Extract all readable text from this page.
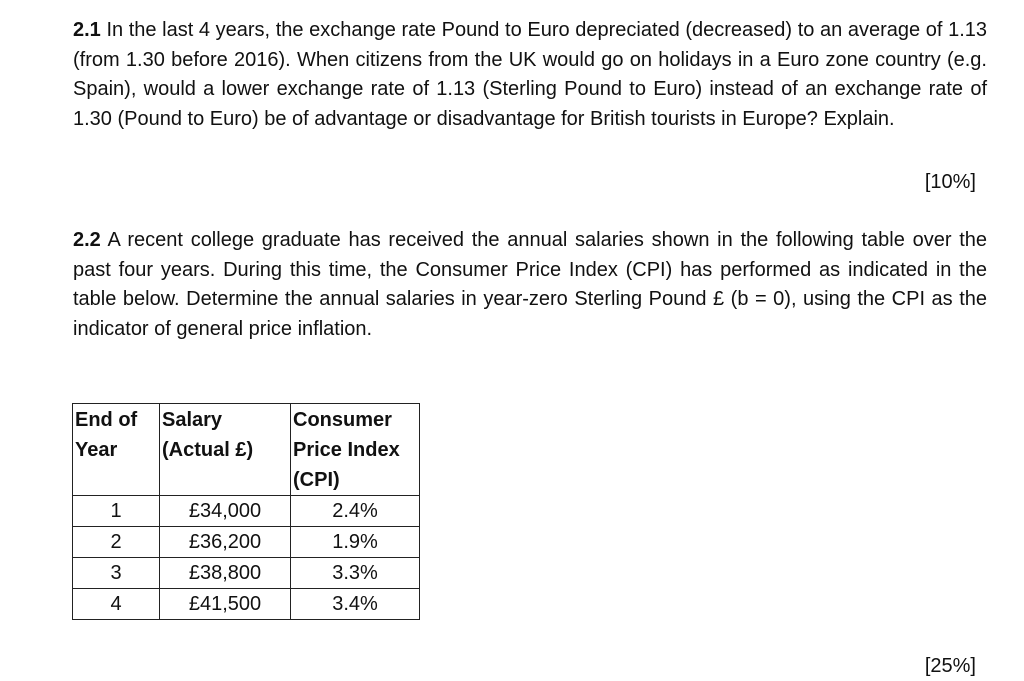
2.1 In the last 4 years, the exchange rate Pound to Euro depreciated (decreased) to an average of 1.13 (from 1.30 before 2016). When citizens from the UK would go on holidays in a Euro zone country (e.g. Spain), would a lower exchange rate of 1.13 (Sterling Pound to Euro) instead of an exchange rate of 1.30 (Pound to Euro) be of advantage or disadvantage for British tourists in Europe? Explain.

[10%]

2.2 A recent college graduate has received the annual salaries shown in the following table over the past four years. During this time, the Consumer Price Index (CPI) has performed as indicated in the table below. Determine the annual salaries in year-zero Sterling Pound £ (b = 0), using the CPI as the indicator of general price inflation.

End of Year	Salary (Actual £)	Consumer Price Index (CPI)
1	£34,000	2.4%
2	£36,200	1.9%
3	£38,800	3.3%
4	£41,500	3.4%
[25%]
